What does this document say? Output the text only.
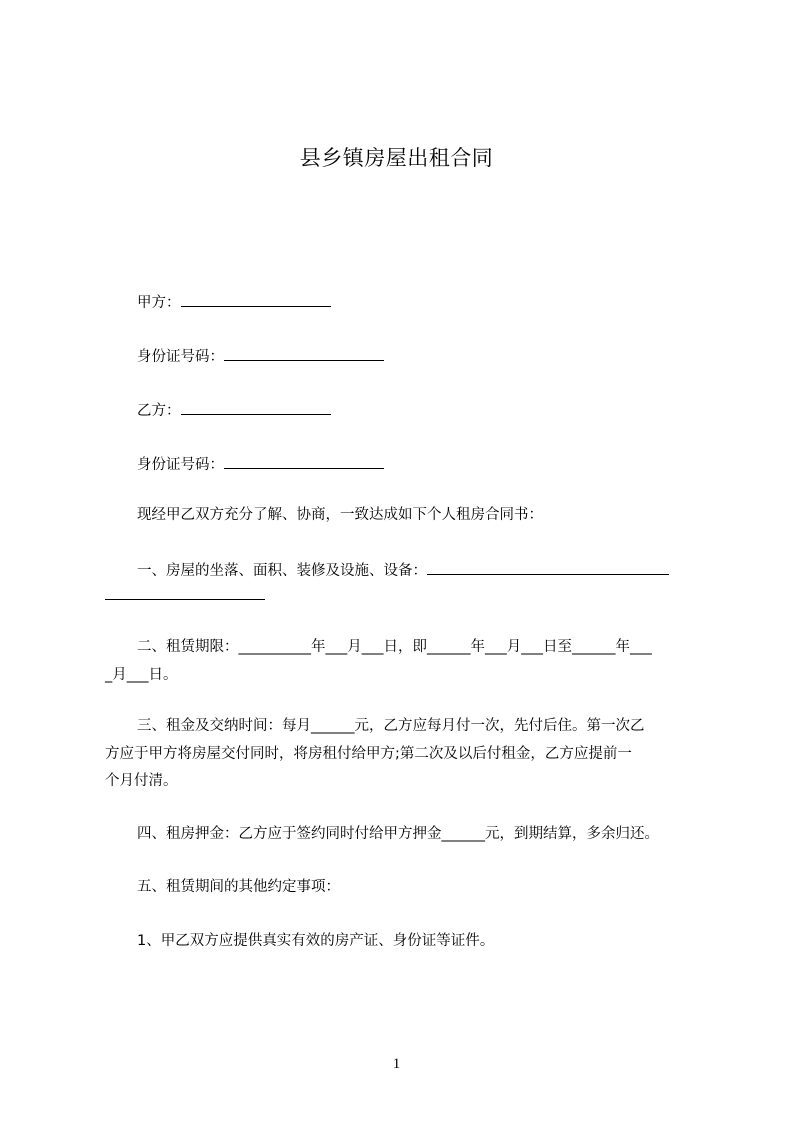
县乡镇房屋出租合同
甲方：
身份证号码：
乙方：
身份证号码：
现经甲乙双方充分了解、协商，一致达成如下个人租房合同书：
一、房屋的坐落、面积、装修及设施、设备：
二、租赁期限：__________年___月___日，即______年___月___日至______年___
_月___日。
三、租金及交纳时间：每月______元，乙方应每月付一次，先付后住。第一次乙
方应于甲方将房屋交付同时，将房租付给甲方;第二次及以后付租金，乙方应提前一
个月付清。
四、租房押金：乙方应于签约同时付给甲方押金______元，到期结算，多余归还。
五、租赁期间的其他约定事项：
1、甲乙双方应提供真实有效的房产证、身份证等证件。
1
